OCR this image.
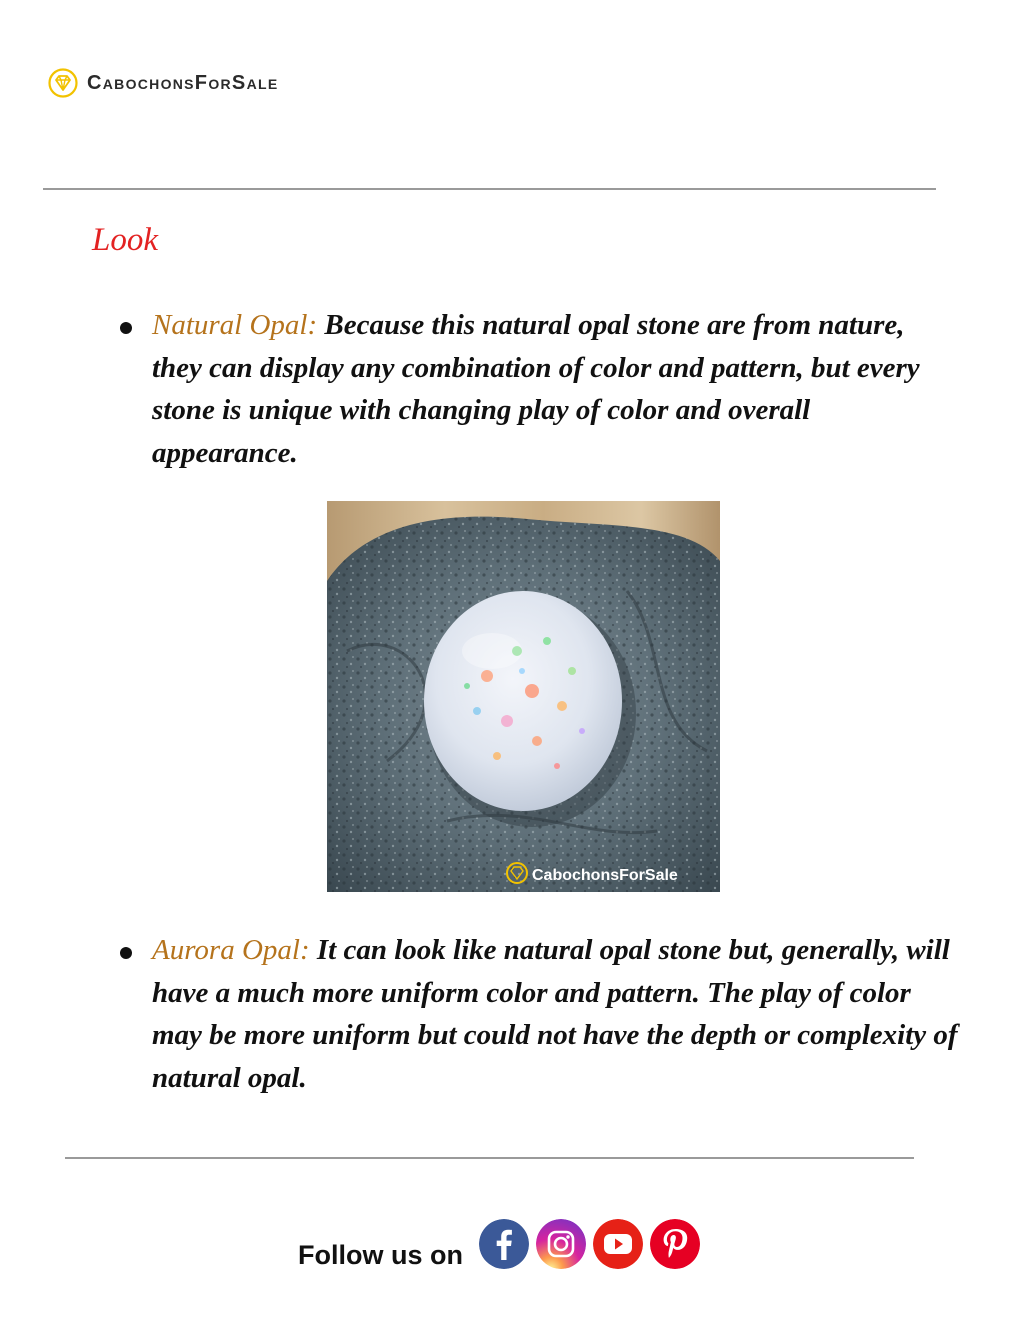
CabochonsForSale
Look
Natural Opal: Because this natural opal stone are from nature, they can display any combination of color and pattern, but every stone is unique with changing play of color and overall appearance.
CabochonsForSale
Aurora Opal: It can look like natural opal stone but, generally, will have a much more uniform color and pattern. The play of color may be more uniform but could not have the depth or complexity of natural opal.
Follow us on
